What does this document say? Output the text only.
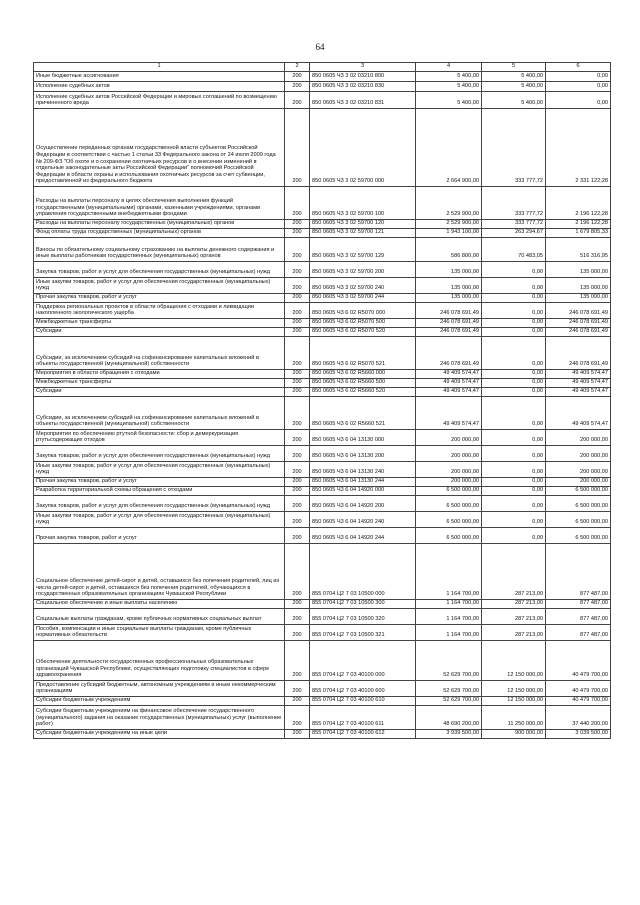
64
1	2	3	4	5	6
Иные бюджетные ассигнования	200	850 0605 Ч3 3 02 03210 800	5 400,00	5 400,00	0,00
Исполнение судебных актов	200	850 0605 Ч3 3 02 03210 830	5 400,00	5 400,00	0,00
Исполнение судебных актов Российской Федерации и мировых соглашений по возмещению причиненного вреда	200	850 0605 Ч3 3 02 03210 831	5 400,00	5 400,00	0,00
Осуществление переданных органам государственной власти субъектов Российской Федерации в соответствии с частью 1 статьи 33 Федерального закона от 24 июля 2009 года № 209-ФЗ "Об охоте и о сохранении охотничьих ресурсов и о внесении изменений в отдельные законодательные акты Российской Федерации" полномочий Российской Федерации в области охраны и использования охотничьих ресурсов за счет субвенции, предоставленной из федерального бюджета	200	850 0605 Ч3 3 02 59700 000	2 664 900,00	333 777,72	2 331 122,28
Расходы на выплаты персоналу в целях обеспечения выполнения функций государственными (муниципальными) органами, казенными учреждениями, органами управления государственными внебюджетными фондами	200	850 0605 Ч3 3 02 59700 100	2 529 900,00	333 777,72	2 196 122,28
Расходы на выплаты персоналу государственных (муниципальных) органов	200	850 0605 Ч3 3 02 59700 120	2 529 900,00	333 777,72	2 196 122,28
Фонд оплаты труда государственных (муниципальных) органов	200	850 0605 Ч3 3 02 59700 121	1 943 100,00	263 294,67	1 679 805,33
Взносы по обязательному социальному страхованию на выплаты денежного содержания и иные выплаты работникам государственных (муниципальных) органов	200	850 0605 Ч3 3 02 59700 129	586 800,00	70 483,05	516 316,95
Закупка товаров, работ и услуг для обеспечения государственных (муниципальных) нужд	200	850 0605 Ч3 3 02 59700 200	135 000,00	0,00	135 000,00
Иные закупки товаров, работ и услуг для обеспечения государственных (муниципальных) нужд	200	850 0605 Ч3 3 02 59700 240	135 000,00	0,00	135 000,00
Прочая закупка товаров, работ и услуг	200	850 0605 Ч3 3 02 59700 244	135 000,00	0,00	135 000,00
Поддержка региональных проектов в области обращения с отходами и ликвидации накопленного экологического ущерба	200	850 0605 Ч3 6 02 R5070 000	246 078 691,49	0,00	246 078 691,49
Межбюджетные трансферты	200	850 0605 Ч3 6 02 R5070 500	246 078 691,49	0,00	246 078 691,49
Субсидии	200	850 0605 Ч3 6 02 R5070 520	246 078 691,49	0,00	246 078 691,49
Субсидии, за исключением субсидий на софинансирование капитальных вложений в объекты государственной (муниципальной) собственности	200	850 0605 Ч3 6 02 R5070 521	246 078 691,49	0,00	246 078 691,49
Мероприятия в области обращения с отходами	200	850 0605 Ч3 6 02 R5660 000	49 409 574,47	0,00	49 409 574,47
Межбюджетные трансферты	200	850 0605 Ч3 6 02 R5660 500	49 409 574,47	0,00	49 409 574,47
Субсидии	200	850 0605 Ч3 6 02 R5660 520	49 409 574,47	0,00	49 409 574,47
Субсидии, за исключением субсидий на софинансирование капитальных вложений в объекты государственной (муниципальной) собственности	200	850 0605 Ч3 6 02 R5660 521	49 409 574,47	0,00	49 409 574,47
Мероприятия по обеспечению ртутной безопасности: сбор и демеркуризация ртутьсодержащих отходов	200	850 0605 Ч3 6 04 13130 000	200 000,00	0,00	200 000,00
Закупка товаров, работ и услуг для обеспечения государственных (муниципальных) нужд	200	850 0605 Ч3 6 04 13130 200	200 000,00	0,00	200 000,00
Иные закупки товаров, работ и услуг для обеспечения государственных (муниципальных) нужд	200	850 0605 Ч3 6 04 13130 240	200 000,00	0,00	200 000,00
Прочая закупка товаров, работ и услуг	200	850 0605 Ч3 6 04 13130 244	200 000,00	0,00	200 000,00
Разработка территориальной схемы обращения с отходами	200	850 0605 Ч3 6 04 14920 000	6 500 000,00	0,00	6 500 000,00
Закупка товаров, работ и услуг для обеспечения государственных (муниципальных) нужд	200	850 0605 Ч3 6 04 14920 200	6 500 000,00	0,00	6 500 000,00
Иные закупки товаров, работ и услуг для обеспечения государственных (муниципальных) нужд	200	850 0605 Ч3 6 04 14920 240	6 500 000,00	0,00	6 500 000,00
Прочая закупка товаров, работ и услуг	200	850 0605 Ч3 6 04 14920 244	6 500 000,00	0,00	6 500 000,00
Социальное обеспечение детей-сирот и детей, оставшихся без попечения родителей, лиц из числа детей-сирот и детей, оставшихся без попечения родителей, обучающихся в государственных образовательных организациях Чувашской Республики	200	855 0704 Ц2 7 03 10500 000	1 164 700,00	287 213,00	877 487,00
Социальное обеспечение и иные выплаты населению	200	855 0704 Ц2 7 03 10500 300	1 164 700,00	287 213,00	877 487,00
Социальные выплаты гражданам, кроме публичных нормативных социальных выплат	200	855 0704 Ц2 7 03 10500 320	1 164 700,00	287 213,00	877 487,00
Пособия, компенсации и иные социальные выплаты гражданам, кроме публичных нормативных обязательств	200	855 0704 Ц2 7 03 10500 321	1 164 700,00	287 213,00	877 487,00
Обеспечение деятельности государственных профессиональных образовательных организаций Чувашской Республики, осуществляющих подготовку специалистов в сфере здравоохранения	200	855 0704 Ц2 7 03 40100 000	52 629 700,00	12 150 000,00	40 479 700,00
Предоставление субсидий бюджетным, автономным учреждениям и иным некоммерческим организациям	200	855 0704 Ц2 7 03 40100 600	52 629 700,00	12 150 000,00	40 479 700,00
Субсидии бюджетным учреждениям	200	855 0704 Ц2 7 03 40100 610	52 629 700,00	12 150 000,00	40 479 700,00
Субсидии бюджетным учреждениям на финансовое обеспечение государственного (муниципального) задания на оказание государственных (муниципальных) услуг (выполнение работ)	200	855 0704 Ц2 7 03 40100 611	48 690 200,00	11 250 000,00	37 440 200,00
Субсидии бюджетным учреждениям на иные цели	200	855 0704 Ц2 7 03 40100 612	3 939 500,00	900 000,00	3 039 500,00
